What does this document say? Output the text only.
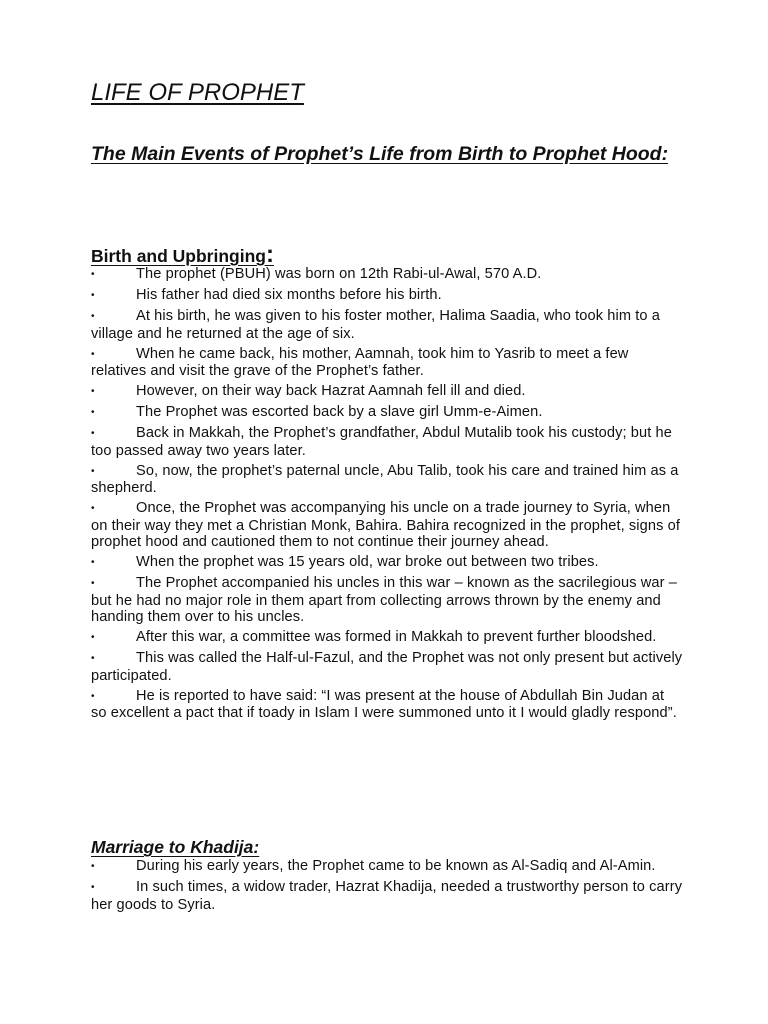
LIFE OF PROPHET
The Main Events of Prophet’s Life from Birth to Prophet Hood:
Birth and Upbringing:
•	The prophet (PBUH) was born on 12th Rabi-ul-Awal, 570 A.D.
•	His father had died six months before his birth.
•	At his birth, he was given to his foster mother, Halima Saadia, who took him to a village and he returned at the age of six.
•	When he came back, his mother, Aamnah, took him to Yasrib to meet a few relatives and visit the grave of the Prophet’s father.
•	However, on their way back Hazrat Aamnah fell ill and died.
•	The Prophet was escorted back by a slave girl Umm-e-Aimen.
•	Back in Makkah, the Prophet’s grandfather, Abdul Mutalib took his custody; but he too passed away two years later.
•	So, now, the prophet’s paternal uncle, Abu Talib, took his care and trained him as a shepherd.
•	Once, the Prophet was accompanying his uncle on a trade journey to Syria, when on their way they met a Christian Monk, Bahira. Bahira recognized in the prophet, signs of prophet hood and cautioned them to not continue their journey ahead.
•	When the prophet was 15 years old, war broke out between two tribes.
•	The Prophet accompanied his uncles in this war – known as the sacrilegious war – but he had no major role in them apart from collecting arrows thrown by the enemy and handing them over to his uncles.
•	After this war, a committee was formed in Makkah to prevent further bloodshed.
•	This was called the Half-ul-Fazul, and the Prophet was not only present but actively participated.
•	He is reported to have said: “I was present at the house of Abdullah Bin Judan at so excellent a pact that if toady in Islam I were summoned unto it I would gladly respond”.
Marriage to Khadija:
•	During his early years, the Prophet came to be known as Al-Sadiq and Al-Amin.
•	In such times, a widow trader, Hazrat Khadija, needed a trustworthy person to carry her goods to Syria.
